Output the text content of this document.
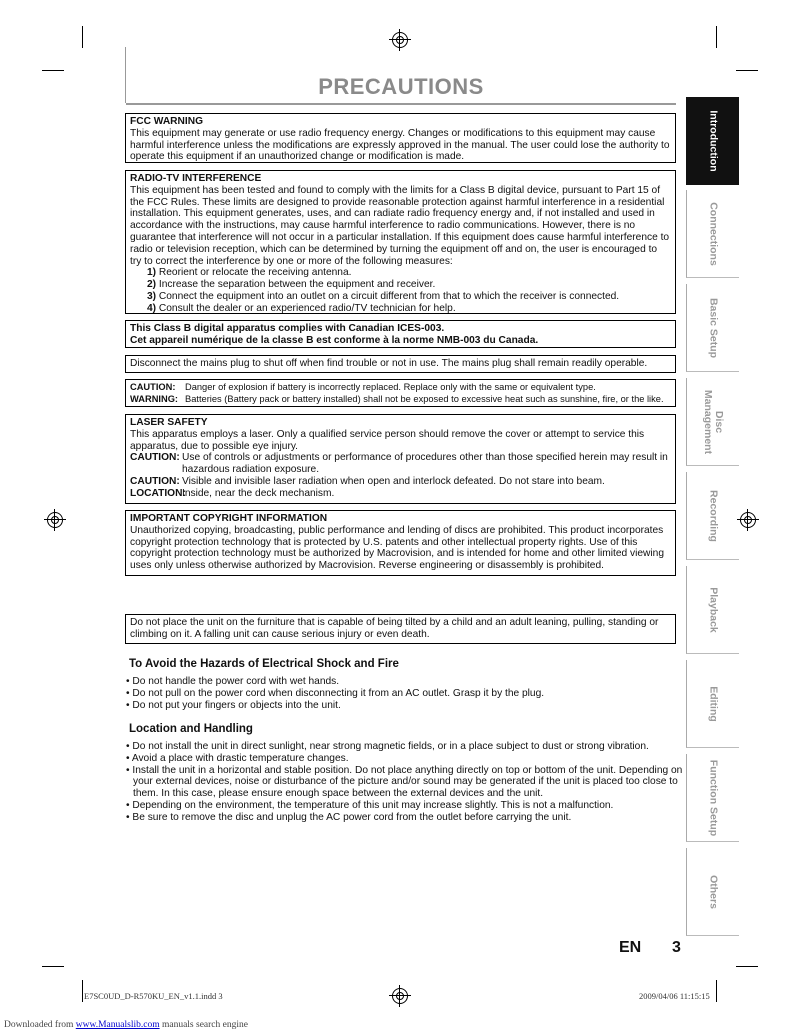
PRECAUTIONS

FCC WARNING

This equipment may generate or use radio frequency energy. Changes or modifications to this equipment may cause harmful interference unless the modifications are expressly approved in the manual. The user could lose the authority to operate this equipment if an unauthorized change or modification is made.

RADIO-TV INTERFERENCE

This equipment has been tested and found to comply with the limits for a Class B digital device, pursuant to Part 15 of the FCC Rules. These limits are designed to provide reasonable protection against harmful interference in a residential installation. This equipment generates, uses, and can radiate radio frequency energy and, if not installed and used in accordance with the instructions, may cause harmful interference to radio communications. However, there is no guarantee that interference will not occur in a particular installation. If this equipment does cause harmful interference to radio or television reception, which can be determined by turning the equipment off and on, the user is encouraged to try to correct the interference by one or more of the following measures:

1) Reorient or relocate the receiving antenna.
2) Increase the separation between the equipment and receiver.
3) Connect the equipment into an outlet on a circuit different from that to which the receiver is connected.
4) Consult the dealer or an experienced radio/TV technician for help.

This Class B digital apparatus complies with Canadian ICES-003.

Cet appareil numérique de la classe B est conforme à la norme NMB-003 du Canada.

Disconnect the mains plug to shut off when find trouble or not in use. The mains plug shall remain readily operable.

CAUTION:	Danger of explosion if battery is incorrectly replaced. Replace only with the same or equivalent type.
WARNING: Batteries (Battery pack or battery installed) shall not be exposed to excessive heat such as sunshine, fire, or the like.

LASER SAFETY

This apparatus employs a laser. Only a qualified service person should remove the cover or attempt to service this apparatus, due to possible eye injury.

CAUTION: Use of controls or adjustments or performance of procedures other than those specified herein may result in hazardous radiation exposure.
CAUTION: Visible and invisible laser radiation when open and interlock defeated. Do not stare into beam.
LOCATION:
Inside, near the deck mechanism.

IMPORTANT COPYRIGHT INFORMATION

Unauthorized copying, broadcasting, public performance and lending of discs are prohibited. This product incorporates copyright protection technology that is protected by U.S. patents and other intellectual property rights. Use of this copyright protection technology must be authorized by Macrovision, and is intended for home and other limited viewing uses only unless otherwise authorized by Macrovision. Reverse engineering or disassembly is prohibited.

Do not place the unit on the furniture that is capable of being tilted by a child and an adult leaning, pulling, standing or climbing on it. A falling unit can cause serious injury or even death.

To Avoid the Hazards of Electrical Shock and Fire
• Do not handle the power cord with wet hands.
• Do not pull on the power cord when disconnecting it from an AC outlet. Grasp it by the plug.
• Do not put your fingers or objects into the unit.
Location and Handling
• Do not install the unit in direct sunlight, near strong magnetic fields, or in a place subject to dust or strong vibration.
• Avoid a place with drastic temperature changes.
• Install the unit in a horizontal and stable position. Do not place anything directly on top or bottom of the unit. Depending on your external devices, noise or disturbance of the picture and/or sound may be generated if the unit is placed too close to them. In this case, please ensure enough space between the external devices and the unit.
• Depending on the environment, the temperature of this unit may increase slightly. This is not a malfunction.
• Be sure to remove the disc and unplug the AC power cord from the outlet before carrying the unit.
Introduction
Connections
Basic Setup
Disc
Management
Recording
Playback
Editing
Function Setup
Others
EN 3
E7SC0UD_D-R570KU_EN_v1.1.indd 3	2009/04/06 11:15:15
Downloaded from www.Manualslib.com manuals search engine
